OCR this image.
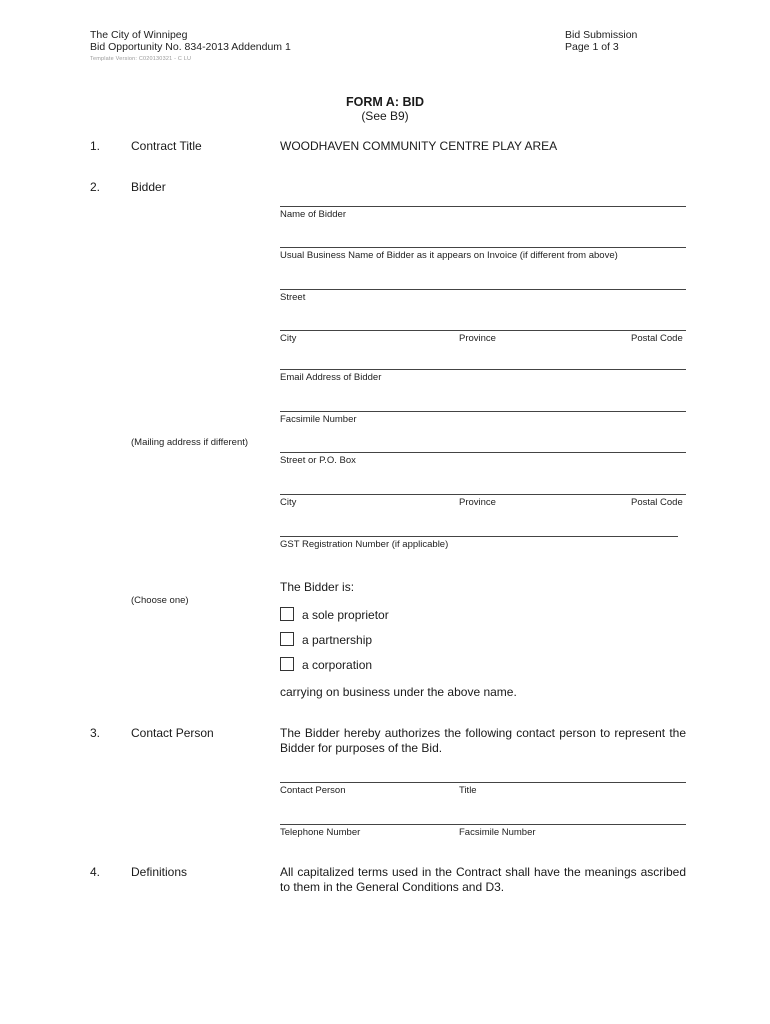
The City of Winnipeg
Bid Opportunity No. 834-2013 Addendum 1
Template Version: C020130321 - C LU
Bid Submission
Page 1 of 3
FORM A: BID
(See B9)
1.	Contract Title	WOODHAVEN COMMUNITY CENTRE PLAY AREA
2.	Bidder
Name of Bidder
Usual Business Name of Bidder as it appears on Invoice (if different from above)
Street
City	Province	Postal Code
Email Address of Bidder
Facsimile Number
(Mailing address if different)
Street or P.O. Box
City	Province	Postal Code
GST Registration Number (if applicable)
The Bidder is:
(Choose one)
a sole proprietor
a partnership
a corporation
carrying on business under the above name.
3.	Contact Person	The Bidder hereby authorizes the following contact person to represent the Bidder for purposes of the Bid.
Contact Person	Title
Telephone Number	Facsimile Number
4.	Definitions	All capitalized terms used in the Contract shall have the meanings ascribed to them in the General Conditions and D3.
